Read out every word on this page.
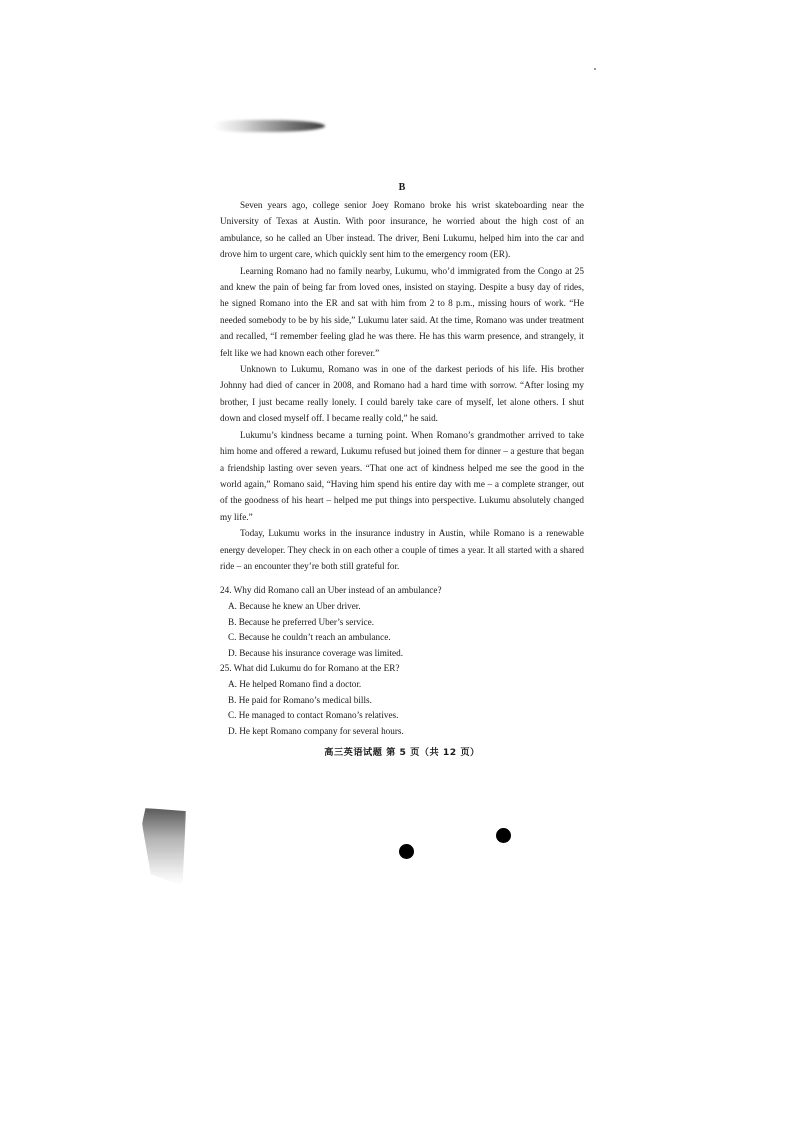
B

Seven years ago, college senior Joey Romano broke his wrist skateboarding near the University of Texas at Austin. With poor insurance, he worried about the high cost of an ambulance, so he called an Uber instead. The driver, Beni Lukumu, helped him into the car and drove him to urgent care, which quickly sent him to the emergency room (ER).

Learning Romano had no family nearby, Lukumu, who’d immigrated from the Congo at 25 and knew the pain of being far from loved ones, insisted on staying. Despite a busy day of rides, he signed Romano into the ER and sat with him from 2 to 8 p.m., missing hours of work. “He needed somebody to be by his side,” Lukumu later said. At the time, Romano was under treatment and recalled, “I remember feeling glad he was there. He has this warm presence, and strangely, it felt like we had known each other forever.”

Unknown to Lukumu, Romano was in one of the darkest periods of his life. His brother Johnny had died of cancer in 2008, and Romano had a hard time with sorrow. “After losing my brother, I just became really lonely. I could barely take care of myself, let alone others. I shut down and closed myself off. I became really cold,” he said.

Lukumu’s kindness became a turning point. When Romano’s grandmother arrived to take him home and offered a reward, Lukumu refused but joined them for dinner – a gesture that began a friendship lasting over seven years. “That one act of kindness helped me see the good in the world again,” Romano said, “Having him spend his entire day with me – a complete stranger, out of the goodness of his heart – helped me put things into perspective. Lukumu absolutely changed my life.”

Today, Lukumu works in the insurance industry in Austin, while Romano is a renewable energy developer. They check in on each other a couple of times a year. It all started with a shared ride – an encounter they’re both still grateful for.

24. Why did Romano call an Uber instead of an ambulance?

A. Because he knew an Uber driver.

B. Because he preferred Uber’s service.

C. Because he couldn’t reach an ambulance.

D. Because his insurance coverage was limited.

25. What did Lukumu do for Romano at the ER?

A. He helped Romano find a doctor.

B. He paid for Romano’s medical bills.

C. He managed to contact Romano’s relatives.

D. He kept Romano company for several hours.

高三英语试题 第 5 页（共 12 页）
